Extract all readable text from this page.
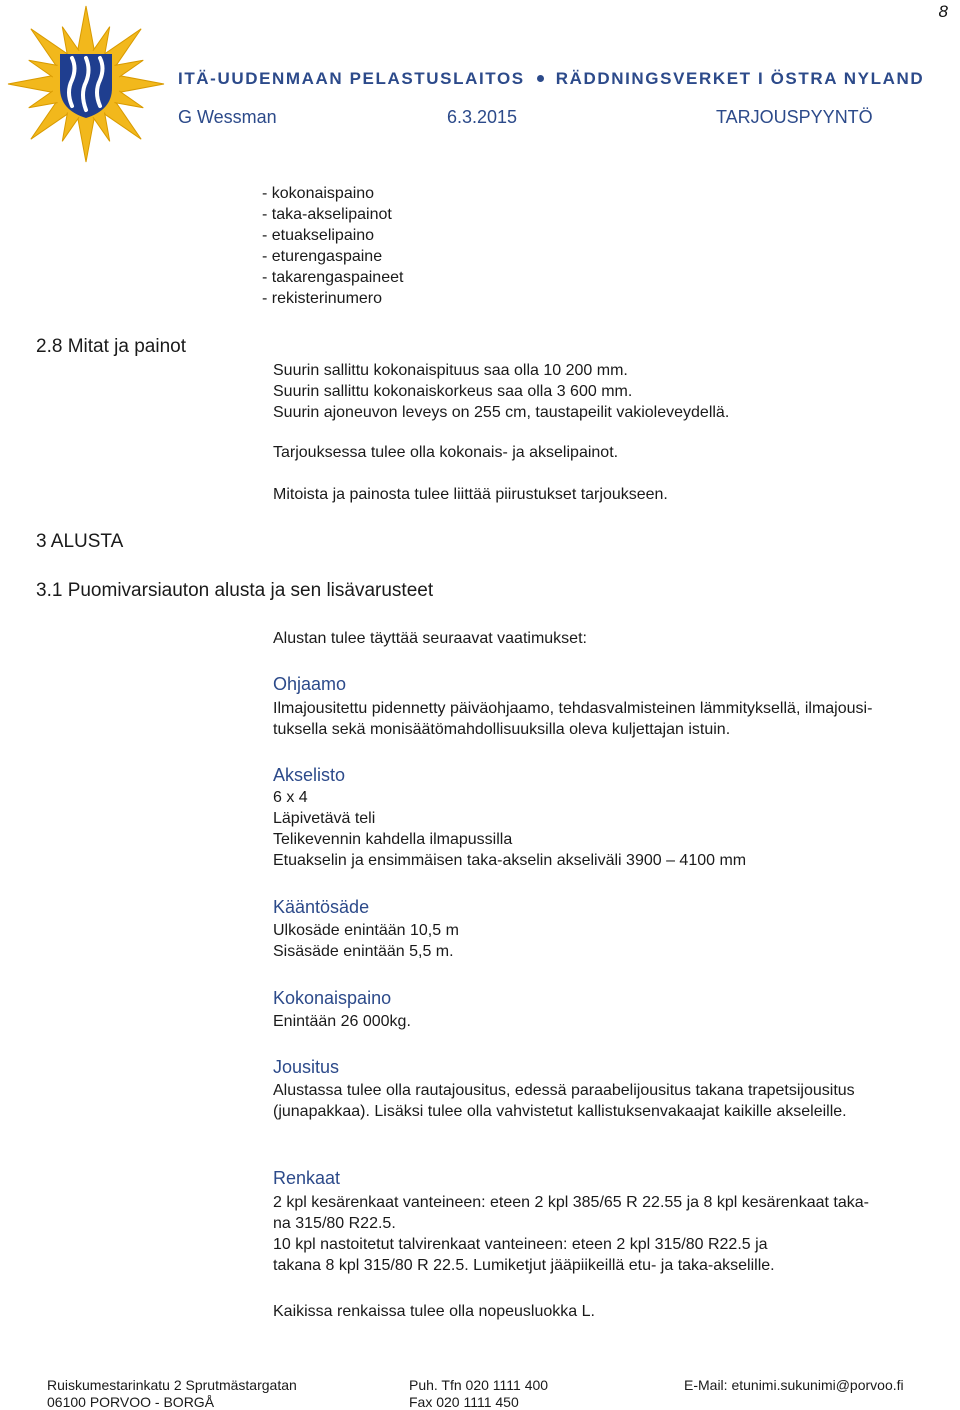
8
ITÄ-UUDENMAAN PELASTUSLAITOS RÄDDNINGSVERKET I ÖSTRA NYLAND
G Wessman	6.3.2015	TARJOUSPYYNTÖ
- kokonaispaino
- taka-akselipainot
- etuakselipaino
- eturengaspaine
- takarengaspaineet
- rekisterinumero
2.8 Mitat ja painot
Suurin sallittu kokonaispituus saa olla 10 200 mm.
Suurin sallittu kokonaiskorkeus saa olla 3 600 mm.
Suurin ajoneuvon leveys on 255 cm, taustapeilit vakioleveydellä.
Tarjouksessa tulee olla kokonais- ja akselipainot.
Mitoista ja painosta tulee liittää piirustukset tarjoukseen.
3 ALUSTA
3.1 Puomivarsiauton alusta ja sen lisävarusteet
Alustan tulee täyttää seuraavat vaatimukset:
Ohjaamo
Ilmajousitettu pidennetty päiväohjaamo, tehdasvalmisteinen lämmityksellä, ilmajousi-
tuksella sekä monisäätömahdollisuuksilla oleva kuljettajan istuin.
Akselisto
6 x 4
Läpivetävä teli
Telikevennin kahdella ilmapussilla
Etuakselin ja ensimmäisen taka-akselin akseliväli 3900 – 4100 mm
Kääntösäde
Ulkosäde enintään 10,5 m
Sisäsäde enintään 5,5 m.
Kokonaispaino
Enintään 26 000kg.
Jousitus
Alustassa tulee olla rautajousitus, edessä paraabelijousitus takana trapetsijousitus
(junapakkaa). Lisäksi tulee olla vahvistetut kallistuksenvakaajat kaikille akseleille.
Renkaat
2 kpl kesärenkaat vanteineen: eteen 2 kpl 385/65 R 22.55 ja 8 kpl kesärenkaat taka-
na 315/80 R22.5.
10 kpl nastoitetut talvirenkaat vanteineen: eteen 2 kpl 315/80 R22.5 ja
takana 8 kpl 315/80 R 22.5. Lumiketjut jääpiikeillä etu- ja taka-akselille.
Kaikissa renkaissa tulee olla nopeusluokka L.
Ruiskumestarinkatu 2 Sprutmästargatan
06100 PORVOO - BORGÅ
Puh. Tfn 020 1111 400
Fax 020 1111 450
E-Mail: etunimi.sukunimi@porvoo.fi
